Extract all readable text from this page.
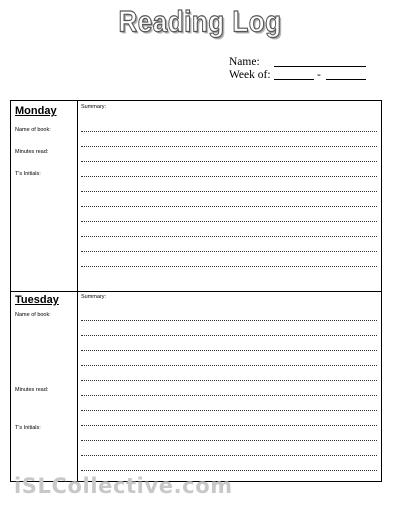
Reading Log
Name:
Week of:	-
Monday
Name of book:
Minutes read:
T's Initials:
Summary:
Tuesday
Name of book:
Minutes read:
T's Initials:
Summary:
iSLCollective.com
